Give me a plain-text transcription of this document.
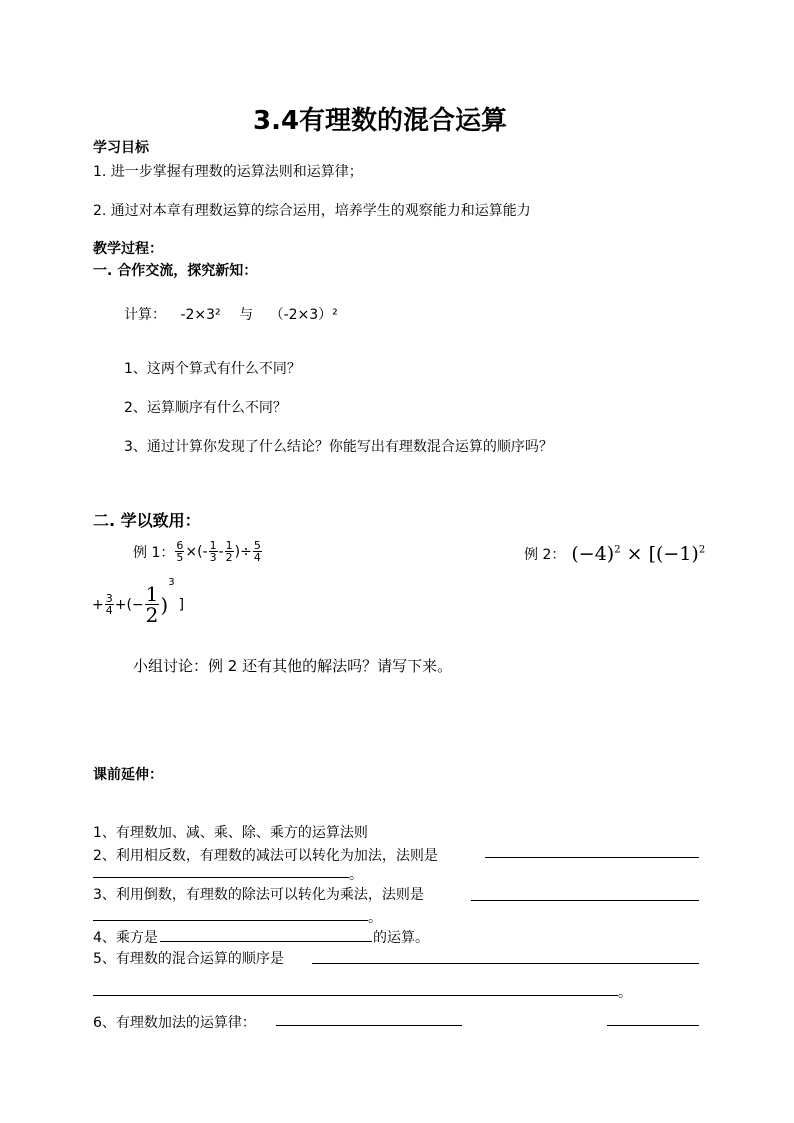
3.4有理数的混合运算
学习目标
1. 进一步掌握有理数的运算法则和运算律；
2. 通过对本章有理数运算的综合运用，培养学生的观察能力和运算能力
教学过程：
一. 合作交流，探究新知：
计算： -2×3² 与 （-2×3）²
1、这两个算式有什么不同？
2、运算顺序有什么不同？
3、通过计算你发现了什么结论？你能写出有理数混合运算的顺序吗？
二. 学以致用：
例 1： $\frac{6}{5}$ ×(- $\frac{1}{3} - \frac{1}{2}$ )÷ $\frac{5}{4}$	例 2： $(-4)^2 \times [(-1)^2$
+ $\frac{3}{4}$ +(− $\frac{1}{2}$ )
$^3$
]
小组讨论：例 2 还有其他的解法吗？请写下来。
课前延伸：
1、有理数加、减、乘、除、乘方的运算法则
2、利用相反数，有理数的减法可以转化为加法，法则是
。
3、利用倒数，有理数的除法可以转化为乘法，法则是
。
4、乘方是	的运算。
5、有理数的混合运算的顺序是
。
6、有理数加法的运算律：
